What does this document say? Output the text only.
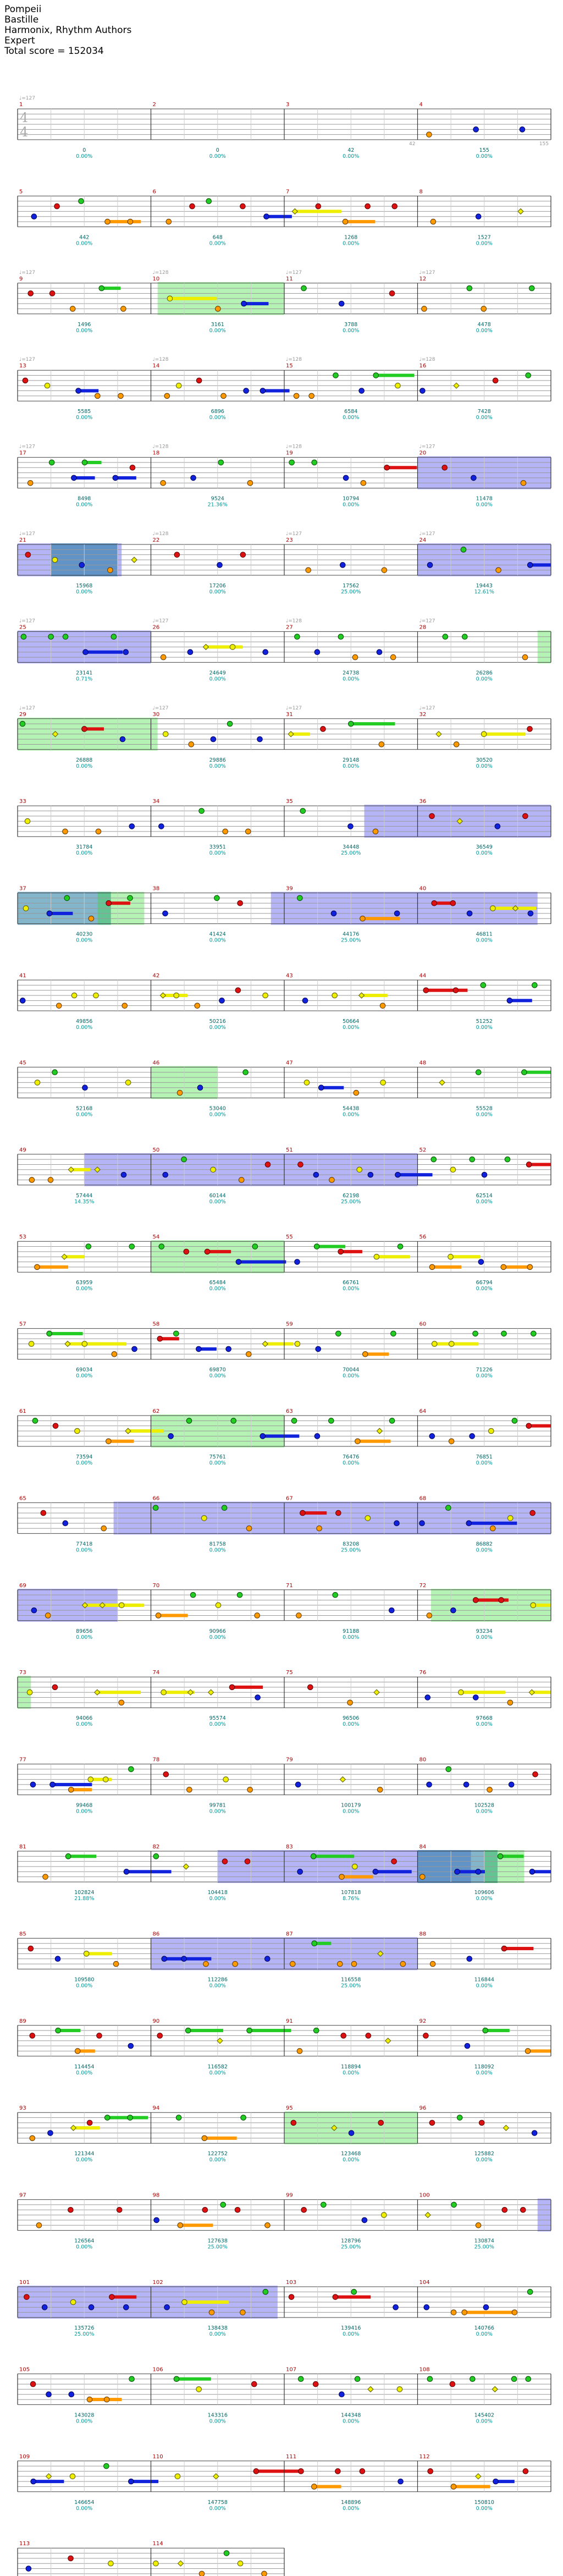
Pompeii
Bastille
Harmonix, Rhythm Authors
Expert
Total score = 152034
1
♩=127
0
0.00%
2
0
0.00%
3
42
0.00%
42
4
155
0.00%
155
4
4
5
442
0.00%
6
648
0.00%
7
1268
0.00%
8
1527
0.00%
9
♩=127
1496
0.00%
10
♩=128
3161
0.00%
11
♩=127
3788
0.00%
12
♩=127
4478
0.00%
13
♩=127
5585
0.00%
14
♩=128
6896
0.00%
15
♩=128
6584
0.00%
16
♩=128
7428
0.00%
17
♩=127
8498
0.00%
18
♩=128
9524
21.36%
19
♩=128
10794
0.00%
20
♩=127
11478
0.00%
21
♩=127
15968
0.00%
22
♩=128
17206
0.00%
23
♩=127
17562
25.00%
24
♩=127
19443
12.61%
25
♩=127
23141
0.71%
26
♩=127
24649
0.00%
27
♩=128
24738
0.00%
28
♩=127
26286
0.00%
29
♩=127
26888
0.00%
30
♩=127
29886
0.00%
31
♩=127
29148
0.00%
32
♩=127
30520
0.00%
33
31784
0.00%
34
33951
0.00%
35
34448
25.00%
36
36549
0.00%
37
40230
0.00%
38
41424
0.00%
39
44176
25.00%
40
46811
0.00%
41
49856
0.00%
42
50216
0.00%
43
50664
0.00%
44
51252
0.00%
45
52168
0.00%
46
53040
0.00%
47
54438
0.00%
48
55528
0.00%
49
57444
14.35%
50
60144
0.00%
51
62198
25.00%
52
62514
0.00%
53
63959
0.00%
54
65484
0.00%
55
66761
0.00%
56
66794
0.00%
57
69034
0.00%
58
69870
0.00%
59
70044
0.00%
60
71226
0.00%
61
73594
0.00%
62
75761
0.00%
63
76476
0.00%
64
76851
0.00%
65
77418
0.00%
66
81758
0.00%
67
83208
25.00%
68
86882
0.00%
69
89656
0.00%
70
90966
0.00%
71
91188
0.00%
72
93234
0.00%
73
94066
0.00%
74
95574
0.00%
75
96506
0.00%
76
97668
0.00%
77
99468
0.00%
78
99781
0.00%
79
100179
0.00%
80
102528
0.00%
81
102824
21.88%
82
104418
0.00%
83
107818
8.76%
84
109606
0.00%
85
109580
0.00%
86
112286
0.00%
87
116558
25.00%
88
116844
0.00%
89
114454
0.00%
90
116582
0.00%
91
118894
0.00%
92
118092
0.00%
93
121344
0.00%
94
122752
0.00%
95
123468
0.00%
96
125882
0.00%
97
126564
0.00%
98
127638
25.00%
99
128796
25.00%
100
130874
25.00%
101
135726
25.00%
102
138438
0.00%
103
139416
0.00%
104
140766
0.00%
105
143028
0.00%
106
143316
0.00%
107
144348
0.00%
108
145402
0.00%
109
146654
0.00%
110
147758
0.00%
111
148896
0.00%
112
150810
0.00%
113	114
